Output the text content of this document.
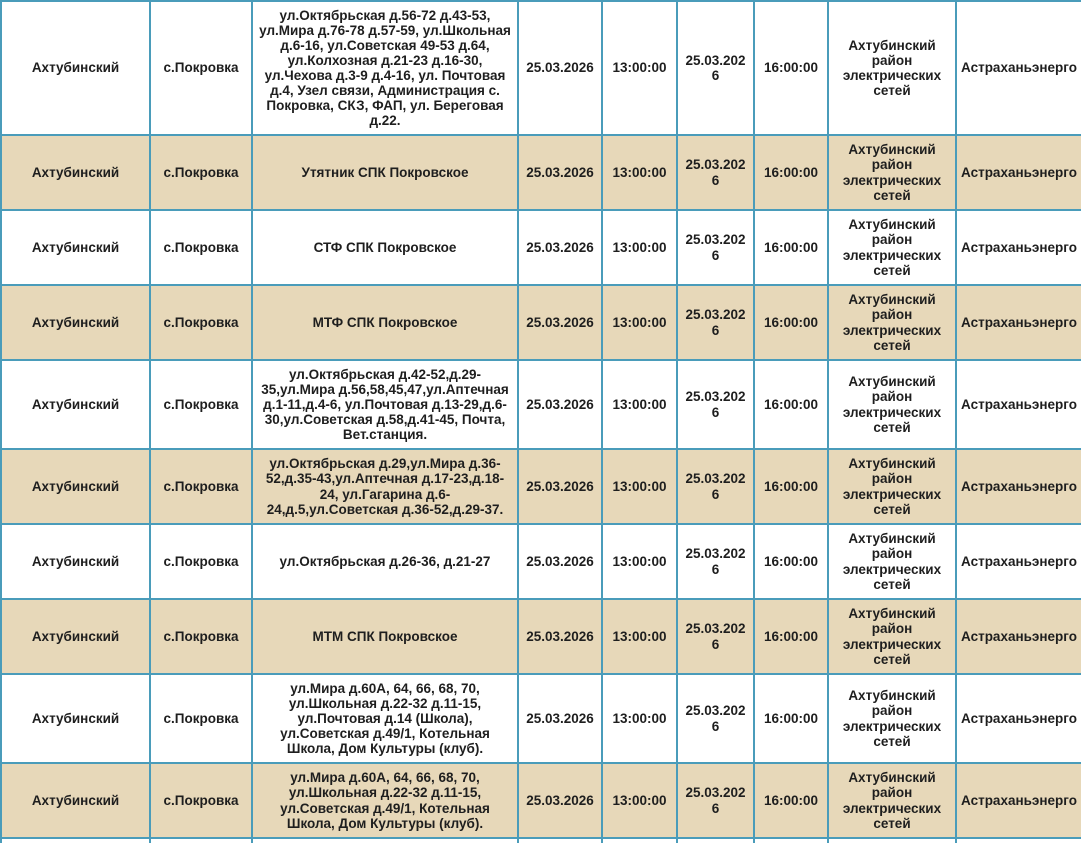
Ахтубинский	с.Покровка	ул.Октябрьская д.56-72 д.43-53, ул.Мира д.76-78 д.57-59, ул.Школьная д.6-16, ул.Советская 49-53 д.64, ул.Колхозная д.21-23 д.16-30, ул.Чехова д.3-9 д.4-16, ул. Почтовая д.4, Узел связи, Администрация с. Покровка, СКЗ, ФАП, ул. Береговая д.22.	25.03.2026	13:00:00	25.03.2026	16:00:00	Ахтубинский район электрических сетей	Астраханьэнерго
Ахтубинский	с.Покровка	Утятник СПК Покровское	25.03.2026	13:00:00	25.03.2026	16:00:00	Ахтубинский район электрических сетей	Астраханьэнерго
Ахтубинский	с.Покровка	СТФ СПК Покровское	25.03.2026	13:00:00	25.03.2026	16:00:00	Ахтубинский район электрических сетей	Астраханьэнерго
Ахтубинский	с.Покровка	МТФ СПК Покровское	25.03.2026	13:00:00	25.03.2026	16:00:00	Ахтубинский район электрических сетей	Астраханьэнерго
Ахтубинский	с.Покровка	ул.Октябрьская д.42-52,д.29-35,ул.Мира д.56,58,45,47,ул.Аптечная д.1-11,д.4-6, ул.Почтовая д.13-29,д.6-30,ул.Советская д.58,д.41-45, Почта, Вет.станция.	25.03.2026	13:00:00	25.03.2026	16:00:00	Ахтубинский район электрических сетей	Астраханьэнерго
Ахтубинский	с.Покровка	ул.Октябрьская д.29,ул.Мира д.36-52,д.35-43,ул.Аптечная д.17-23,д.18-24, ул.Гагарина д.6-24,д.5,ул.Советская д.36-52,д.29-37.	25.03.2026	13:00:00	25.03.2026	16:00:00	Ахтубинский район электрических сетей	Астраханьэнерго
Ахтубинский	с.Покровка	ул.Октябрьская д.26-36, д.21-27	25.03.2026	13:00:00	25.03.2026	16:00:00	Ахтубинский район электрических сетей	Астраханьэнерго
Ахтубинский	с.Покровка	МТМ СПК Покровское	25.03.2026	13:00:00	25.03.2026	16:00:00	Ахтубинский район электрических сетей	Астраханьэнерго
Ахтубинский	с.Покровка	ул.Мира д.60А, 64, 66, 68, 70, ул.Школьная д.22-32 д.11-15, ул.Почтовая д.14 (Школа), ул.Советская д.49/1, Котельная Школа, Дом Культуры (клуб).	25.03.2026	13:00:00	25.03.2026	16:00:00	Ахтубинский район электрических сетей	Астраханьэнерго
Ахтубинский	с.Покровка	ул.Мира д.60А, 64, 66, 68, 70, ул.Школьная д.22-32 д.11-15, ул.Советская д.49/1, Котельная Школа, Дом Культуры (клуб).	25.03.2026	13:00:00	25.03.2026	16:00:00	Ахтубинский район электрических сетей	Астраханьэнерго
